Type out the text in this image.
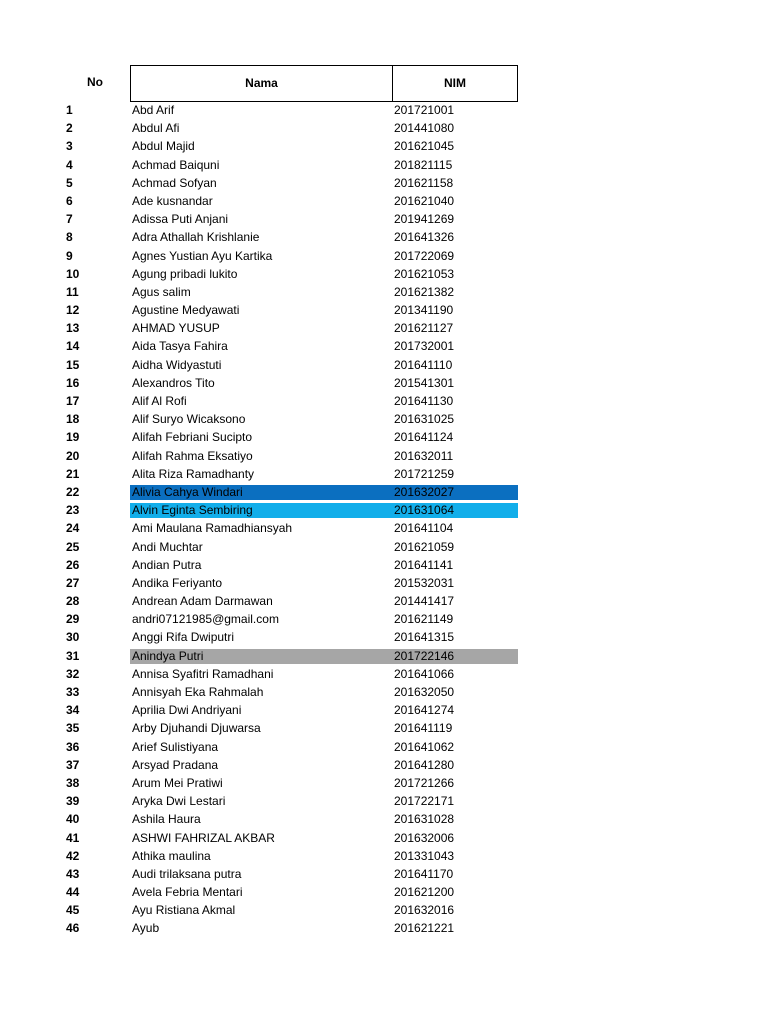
No	Nama	NIM
1	Abd Arif	201721001
2	Abdul Afi	201441080
3	Abdul Majid	201621045
4	Achmad Baiquni	201821115
5	Achmad Sofyan	201621158
6	Ade kusnandar	201621040
7	Adissa Puti Anjani	201941269
8	Adra Athallah Krishlanie	201641326
9	Agnes Yustian Ayu Kartika	201722069
10	Agung pribadi lukito	201621053
11	Agus salim	201621382
12	Agustine Medyawati	201341190
13	AHMAD YUSUP	201621127
14	Aida Tasya Fahira	201732001
15	Aidha Widyastuti	201641110
16	Alexandros Tito	201541301
17	Alif Al Rofi	201641130
18	Alif Suryo Wicaksono	201631025
19	Alifah Febriani Sucipto	201641124
20	Alifah Rahma Eksatiyo	201632011
21	Alita Riza Ramadhanty	201721259
22	Alivia Cahya Windari	201632027
23	Alvin Eginta Sembiring	201631064
24	Ami Maulana Ramadhiansyah	201641104
25	Andi Muchtar	201621059
26	Andian Putra	201641141
27	Andika Feriyanto	201532031
28	Andrean Adam Darmawan	201441417
29	andri07121985@gmail.com	201621149
30	Anggi Rifa Dwiputri	201641315
31	Anindya Putri	201722146
32	Annisa Syafitri Ramadhani	201641066
33	Annisyah Eka Rahmalah	201632050
34	Aprilia Dwi Andriyani	201641274
35	Arby Djuhandi Djuwarsa	201641119
36	Arief Sulistiyana	201641062
37	Arsyad Pradana	201641280
38	Arum Mei Pratiwi	201721266
39	Aryka Dwi Lestari	201722171
40	Ashila Haura	201631028
41	ASHWI FAHRIZAL AKBAR	201632006
42	Athika maulina	201331043
43	Audi trilaksana putra	201641170
44	Avela Febria Mentari	201621200
45	Ayu Ristiana Akmal	201632016
46	Ayub	201621221
